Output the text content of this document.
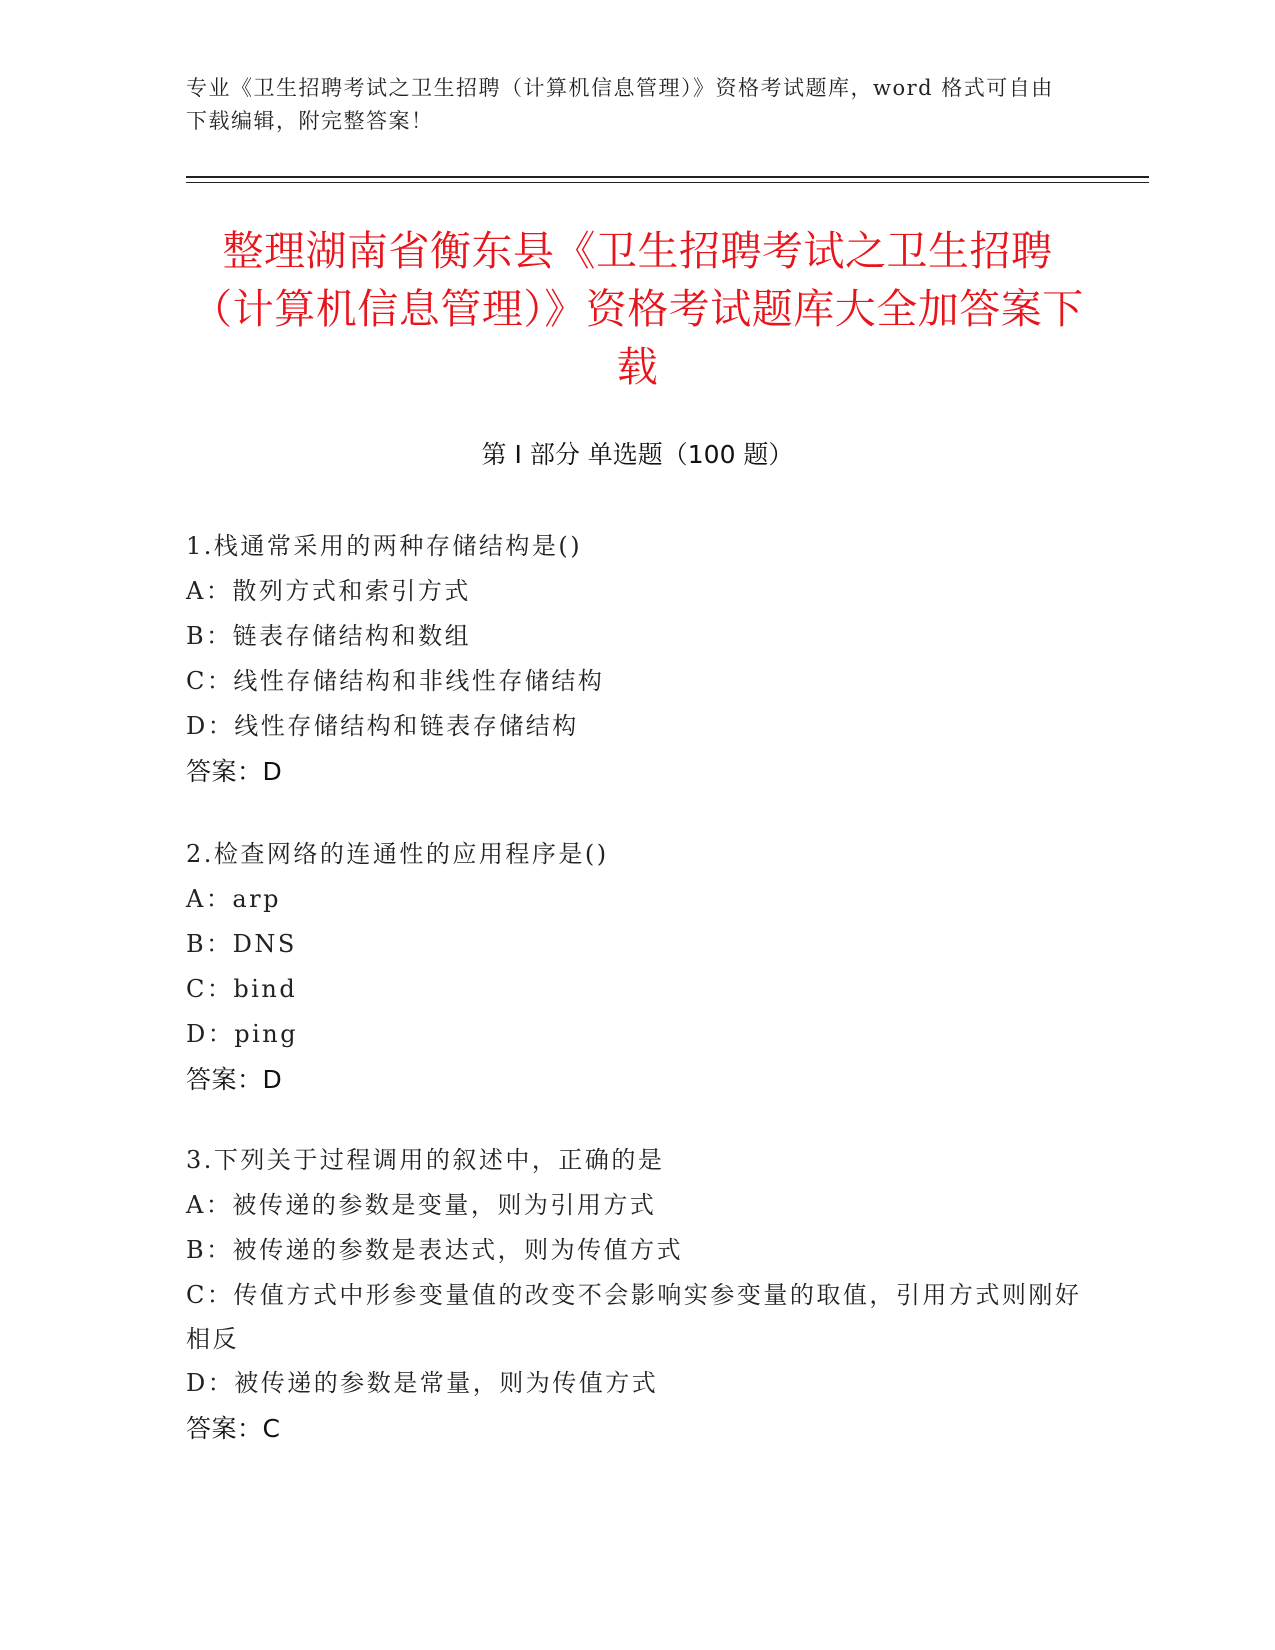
专业《卫生招聘考试之卫生招聘（计算机信息管理）》资格考试题库，word 格式可自由下载编辑，附完整答案！
整理湖南省衡东县《卫生招聘考试之卫生招聘（计算机信息管理）》资格考试题库大全加答案下载
第 I 部分 单选题（100 题）
1.栈通常采用的两种存储结构是()
A：散列方式和索引方式
B：链表存储结构和数组
C：线性存储结构和非线性存储结构
D：线性存储结构和链表存储结构
答案：D
2.检查网络的连通性的应用程序是()
A：arp
B：DNS
C：bind
D：ping
答案：D
3.下列关于过程调用的叙述中，正确的是
A：被传递的参数是变量，则为引用方式
B：被传递的参数是表达式，则为传值方式
C：传值方式中形参变量值的改变不会影响实参变量的取值，引用方式则刚好相反
D：被传递的参数是常量，则为传值方式
答案：C
